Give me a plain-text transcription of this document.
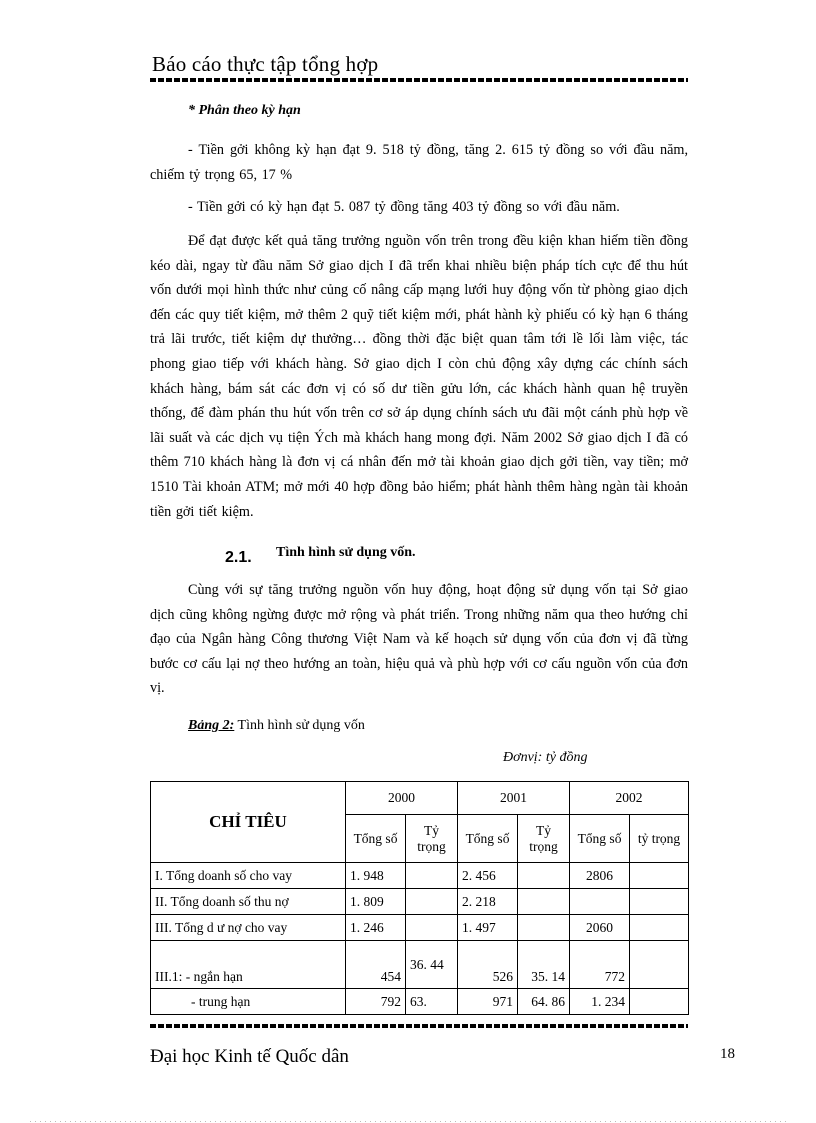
Báo cáo thực tập tổng hợp
* Phân theo kỳ hạn
- Tiền gởi không kỳ hạn đạt 9. 518 tỷ đồng, tăng 2. 615 tỷ đồng so với đầu năm, chiếm tỷ trọng 65, 17 %
- Tiền gởi có kỳ hạn đạt 5. 087 tỷ đồng tăng 403 tỷ đồng so với đầu năm.
Để đạt được kết quả tăng trưởng nguồn vốn trên trong đều kiện khan hiếm tiền đồng kéo dài, ngay từ đầu năm Sở giao dịch I đã trển khai nhiều biện pháp tích cực để thu hút vốn dưới mọi hình thức như củng cố nâng cấp mạng lưới huy động vốn từ phòng giao dịch đến các quy tiết kiệm, mở thêm 2 quỹ tiết kiệm mới, phát hành kỳ phiếu có kỳ hạn 6 tháng trả lãi trước, tiết kiệm dự thưởng… đồng thời đặc biệt quan tâm tới lề lối làm việc, tác phong giao tiếp với khách hàng. Sở giao dịch I còn chủ động xây dựng các chính sách khách hàng, bám sát các đơn vị có số dư tiền gửu lớn, các khách hành quan hệ truyền thống, để đàm phán thu hút vốn trên cơ sở áp dụng chính sách ưu đãi một cánh phù hợp về lãi suất và các dịch vụ tiện Ých mà khách hang mong đợi. Năm 2002 Sở giao dịch I đã có thêm 710 khách hàng là đơn vị cá nhân đến mở tài khoản giao dịch gởi tiền, vay tiền; mở 1510 Tài khoản ATM; mở mới 40 hợp đồng bảo hiểm; phát hành thêm hàng ngàn tài khoản tiền gởi tiết kiệm.
2.1. Tình hình sử dụng vốn.
Cùng với sự tăng trưởng nguồn vốn huy động, hoạt động sử dụng vốn tại Sở giao dịch cũng không ngừng được mở rộng và phát triển. Trong những năm qua theo hướng chỉ đạo của Ngân hàng Công thương Việt Nam và kế hoạch sử dụng vốn của đơn vị đã từng bước cơ cấu lại nợ theo hướng an toàn, hiệu quả và phù hợp với cơ cấu nguồn vốn của đơn vị.
Bảng 2: Tình hình sử dụng vốn
Đơnvị: tỷ đồng
CHỈ TIÊU	2000		2001		2002	
	Tổng số	Tỷ trọng	Tổng số	Tỷ trọng	Tổng số	tỷ trọng
I. Tổng doanh số cho vay	1. 948		2. 456		2806	
II. Tổng doanh số thu nợ	1. 809		2. 218			
III. Tổng d ư nợ cho vay	1. 246		1. 497		2060	
III.1: - ngắn hạn	454	36. 44	526	35. 14	772	
- trung hạn	792	63.	971	64. 86	1. 234	
Đại học Kinh tế Quốc dân	18
